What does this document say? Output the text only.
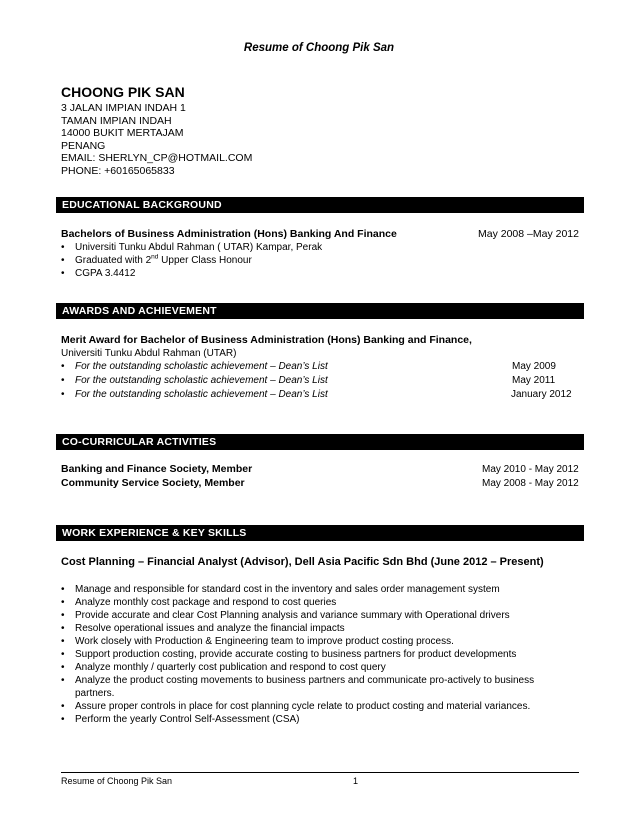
Resume of Choong Pik San
CHOONG PIK SAN
3 JALAN IMPIAN INDAH 1
TAMAN IMPIAN INDAH
14000 BUKIT MERTAJAM
PENANG
EMAIL: SHERLYN_CP@HOTMAIL.COM
PHONE: +60165065833
EDUCATIONAL BACKGROUND
Bachelors of Business Administration (Hons) Banking And Finance	May 2008 –May 2012
• Universiti Tunku Abdul Rahman ( UTAR) Kampar, Perak
• Graduated with 2nd Upper Class Honour
• CGPA 3.4412
AWARDS AND ACHIEVEMENT
Merit Award for Bachelor of Business Administration (Hons) Banking and Finance,
Universiti Tunku Abdul Rahman (UTAR)
• For the outstanding scholastic achievement – Dean’s List	May 2009
• For the outstanding scholastic achievement – Dean’s List	May 2011
• For the outstanding scholastic achievement – Dean’s List	January 2012
CO-CURRICULAR ACTIVITIES
Banking and Finance Society, Member	May 2010 - May 2012
Community Service Society, Member	May 2008 - May 2012
WORK EXPERIENCE & KEY SKILLS
Cost Planning – Financial Analyst (Advisor), Dell Asia Pacific Sdn Bhd (June 2012 – Present)
• Manage and responsible for standard cost in the inventory and sales order management system
• Analyze monthly cost package and respond to cost queries
• Provide accurate and clear Cost Planning analysis and variance summary with Operational drivers
• Resolve operational issues and analyze the financial impacts
• Work closely with Production & Engineering team to improve product costing process.
• Support production costing, provide accurate costing to business partners for product developments
• Analyze monthly / quarterly cost publication and respond to cost query
• Analyze the product costing movements to business partners and communicate pro-actively to business
partners.
• Assure proper controls in place for cost planning cycle relate to product costing and material variances.
• Perform the yearly Control Self-Assessment (CSA)
Resume of Choong Pik San	1
